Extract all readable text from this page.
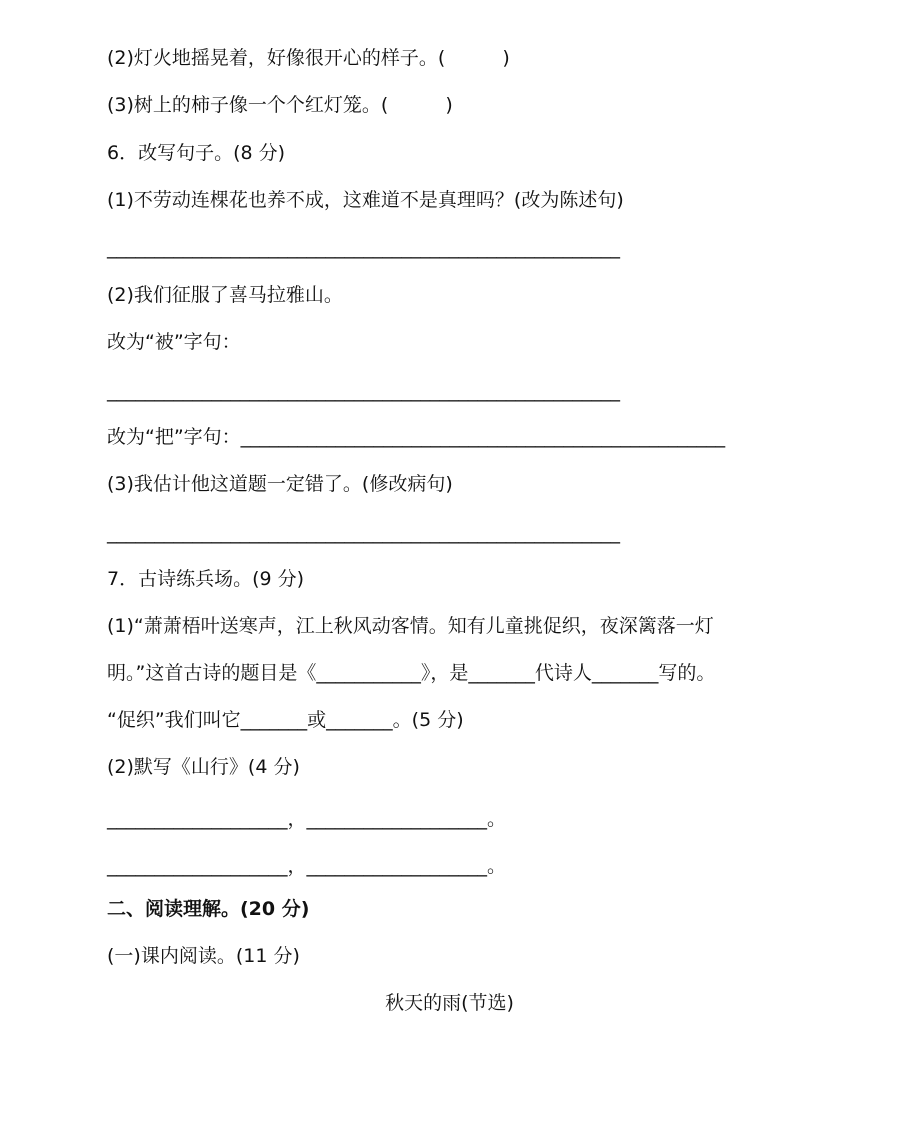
(2)灯火地摇晃着，好像很开心的样子。(　　　)
(3)树上的柿子像一个个红灯笼。(　　　)
6．改写句子。(8 分)
(1)不劳动连棵花也养不成，这难道不是真理吗？(改为陈述句)
______________________________________________________
(2)我们征服了喜马拉雅山。
改为“被”字句：
______________________________________________________
改为“把”字句：___________________________________________________
(3)我估计他这道题一定错了。(修改病句)
______________________________________________________
7．古诗练兵场。(9 分)
(1)“萧萧梧叶送寒声，江上秋风动客情。知有儿童挑促织，夜深篱落一灯
明。”这首古诗的题目是《___________》，是_______代诗人_______写的。
“促织”我们叫它_______或_______。(5 分)
(2)默写《山行》(4 分)
___________________，___________________。
___________________，___________________。
二、阅读理解。(20 分)
(一)课内阅读。(11 分)
秋天的雨(节选)
